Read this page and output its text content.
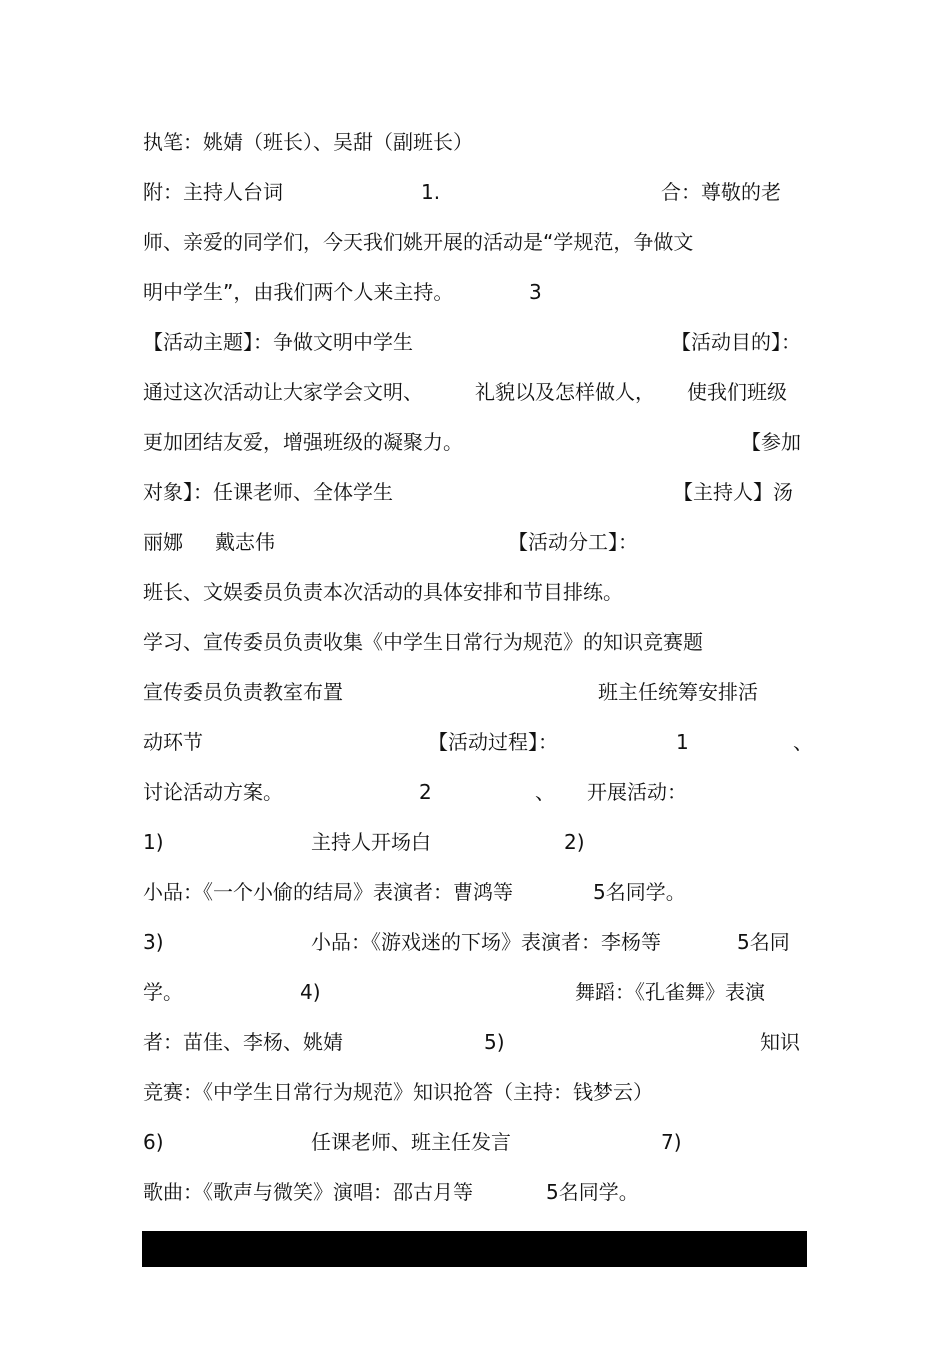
执笔：姚婧（班长）、吴甜（副班长）
附：主持人台词	1.	合：尊敬的老
师、亲爱的同学们，今天我们姚开展的活动是“学规范，争做文
明中学生”，由我们两个人来主持。	3
【活动主题】：争做文明中学生	【活动目的】：
通过这次活动让大家学会文明、	礼貌以及怎样做人， 使我们班级
更加团结友爱，增强班级的凝聚力。	【参加
对象】：任课老师、全体学生	【主持人】汤
丽娜 戴志伟	【活动分工】：
班长、文娱委员负责本次活动的具体安排和节目排练。
学习、宣传委员负责收集《中学生日常行为规范》的知识竞赛题
宣传委员负责教室布置	班主任统筹安排活
动环节	【活动过程】：	1	、
讨论活动方案。	2	、 开展活动：
1)	主持人开场白	2)
小品：《一个小偷的结局》表演者：曹鸿等	5名同学。
3)	小品：《游戏迷的下场》表演者：李杨等	5名同
学。	4)	舞蹈：《孔雀舞》表演
者：苗佳、李杨、姚婧	5)	知识
竞赛：《中学生日常行为规范》知识抢答（主持：钱梦云）
6)	任课老师、班主任发言	7)
歌曲：《歌声与微笑》演唱：邵古月等	5名同学。
